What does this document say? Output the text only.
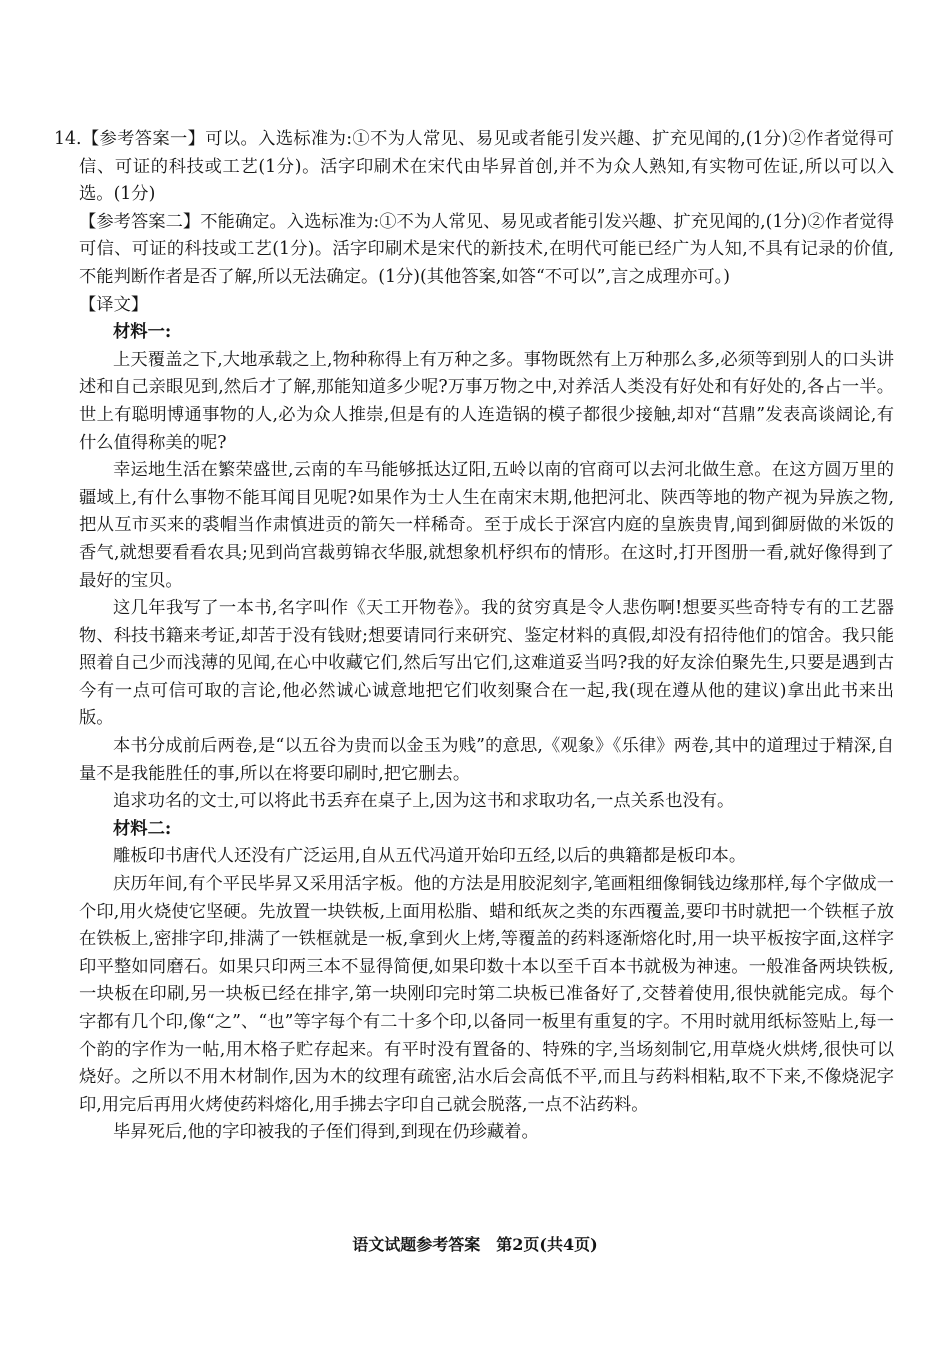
14.【参考答案一】可以。入选标准为:①不为人常见、易见或者能引发兴趣、扩充见闻的,(1分)②作者觉得可信、可证的科技或工艺(1分)。活字印刷术在宋代由毕昇首创,并不为众人熟知,有实物可佐证,所以可以入选。(1分)

【参考答案二】不能确定。入选标准为:①不为人常见、易见或者能引发兴趣、扩充见闻的,(1分)②作者觉得可信、可证的科技或工艺(1分)。活字印刷术是宋代的新技术,在明代可能已经广为人知,不具有记录的价值,不能判断作者是否了解,所以无法确定。(1分)(其他答案,如答“不可以”,言之成理亦可。)

【译文】

材料一:

上天覆盖之下,大地承载之上,物种称得上有万种之多。事物既然有上万种那么多,必须等到别人的口头讲述和自己亲眼见到,然后才了解,那能知道多少呢?万事万物之中,对养活人类没有好处和有好处的,各占一半。世上有聪明博通事物的人,必为众人推崇,但是有的人连造锅的模子都很少接触,却对“莒鼎”发表高谈阔论,有什么值得称美的呢?

幸运地生活在繁荣盛世,云南的车马能够抵达辽阳,五岭以南的官商可以去河北做生意。在这方圆万里的疆域上,有什么事物不能耳闻目见呢?如果作为士人生在南宋末期,他把河北、陕西等地的物产视为异族之物,把从互市买来的裘帽当作肃慎进贡的箭矢一样稀奇。至于成长于深宫内庭的皇族贵胄,闻到御厨做的米饭的香气,就想要看看农具;见到尚宫裁剪锦衣华服,就想象机杼织布的情形。在这时,打开图册一看,就好像得到了最好的宝贝。

这几年我写了一本书,名字叫作《天工开物卷》。我的贫穷真是令人悲伤啊!想要买些奇特专有的工艺器物、科技书籍来考证,却苦于没有钱财;想要请同行来研究、鉴定材料的真假,却没有招待他们的馆舍。我只能照着自己少而浅薄的见闻,在心中收藏它们,然后写出它们,这难道妥当吗?我的好友涂伯聚先生,只要是遇到古今有一点可信可取的言论,他必然诚心诚意地把它们收刻聚合在一起,我(现在遵从他的建议)拿出此书来出版。

本书分成前后两卷,是“以五谷为贵而以金玉为贱”的意思,《观象》《乐律》两卷,其中的道理过于精深,自量不是我能胜任的事,所以在将要印刷时,把它删去。

追求功名的文士,可以将此书丢弃在桌子上,因为这书和求取功名,一点关系也没有。

材料二:

雕板印书唐代人还没有广泛运用,自从五代冯道开始印五经,以后的典籍都是板印本。

庆历年间,有个平民毕昇又采用活字板。他的方法是用胶泥刻字,笔画粗细像铜钱边缘那样,每个字做成一个印,用火烧使它坚硬。先放置一块铁板,上面用松脂、蜡和纸灰之类的东西覆盖,要印书时就把一个铁框子放在铁板上,密排字印,排满了一铁框就是一板,拿到火上烤,等覆盖的药料逐渐熔化时,用一块平板按字面,这样字印平整如同磨石。如果只印两三本不显得简便,如果印数十本以至千百本书就极为神速。一般准备两块铁板,一块板在印刷,另一块板已经在排字,第一块刚印完时第二块板已准备好了,交替着使用,很快就能完成。每个字都有几个印,像“之”、“也”等字每个有二十多个印,以备同一板里有重复的字。不用时就用纸标签贴上,每一个韵的字作为一帖,用木格子贮存起来。有平时没有置备的、特殊的字,当场刻制它,用草烧火烘烤,很快可以烧好。之所以不用木材制作,因为木的纹理有疏密,沾水后会高低不平,而且与药料相粘,取不下来,不像烧泥字印,用完后再用火烤使药料熔化,用手拂去字印自己就会脱落,一点不沾药料。

毕昇死后,他的字印被我的子侄们得到,到现在仍珍藏着。

语文试题参考答案　第2页(共4页)
